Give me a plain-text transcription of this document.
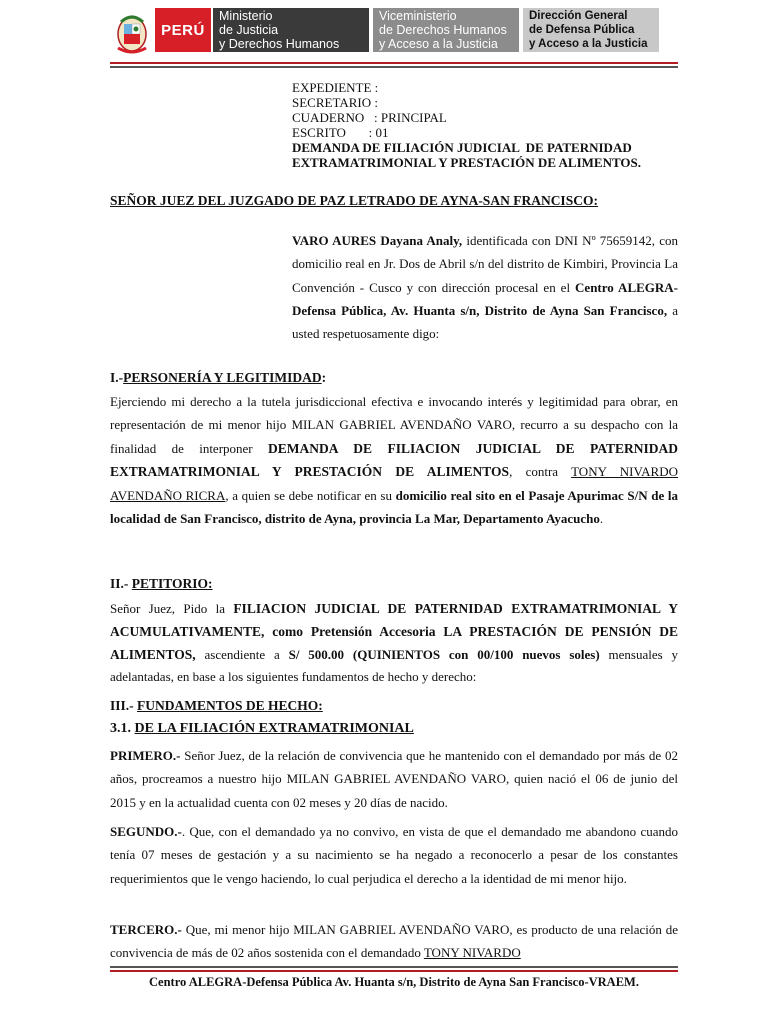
PERÚ
Ministerio
de Justicia
y Derechos Humanos
Viceministerio
de Derechos Humanos
y Acceso a la Justicia
Dirección General
de Defensa Pública
y Acceso a la Justicia
EXPEDIENTE :
SECRETARIO :
CUADERNO   : PRINCIPAL
ESCRITO       : 01
DEMANDA DE FILIACIÓN JUDICIAL  DE PATERNIDAD
EXTRAMATRIMONIAL Y PRESTACIÓN DE ALIMENTOS.
SEÑOR JUEZ DEL JUZGADO DE PAZ LETRADO DE AYNA-SAN FRANCISCO:
VARO AURES Dayana Analy, identificada con DNI Nº 75659142, con domicilio real en Jr. Dos de Abril s/n del distrito de Kimbiri, Provincia La Convención - Cusco y con dirección procesal en el Centro ALEGRA-Defensa Pública, Av. Huanta s/n, Distrito de Ayna San Francisco, a usted respetuosamente digo:
I.-PERSONERÍA Y LEGITIMIDAD:
Ejerciendo mi derecho a la tutela jurisdiccional efectiva e invocando interés y legitimidad para obrar, en representación de mi menor hijo MILAN GABRIEL AVENDAÑO VARO, recurro a su despacho con la finalidad de interponer DEMANDA DE FILIACION JUDICIAL DE PATERNIDAD EXTRAMATRIMONIAL Y PRESTACIÓN DE ALIMENTOS, contra TONY NIVARDO AVENDAÑO RICRA, a quien se debe notificar en su domicilio real sito en el Pasaje Apurimac S/N de la localidad de San Francisco, distrito de Ayna, provincia La Mar, Departamento Ayacucho.
II.- PETITORIO:
Señor Juez, Pido la FILIACION JUDICIAL DE PATERNIDAD EXTRAMATRIMONIAL Y ACUMULATIVAMENTE, como Pretensión Accesoria LA PRESTACIÓN DE PENSIÓN DE ALIMENTOS, ascendiente a S/ 500.00 (QUINIENTOS con 00/100 nuevos soles) mensuales y adelantadas, en base a los siguientes fundamentos de hecho y derecho:
III.- FUNDAMENTOS DE HECHO:
3.1. DE LA FILIACIÓN EXTRAMATRIMONIAL
PRIMERO.- Señor Juez, de la relación de convivencia que he mantenido con el demandado por más de 02 años, procreamos a nuestro hijo MILAN GABRIEL AVENDAÑO VARO, quien nació el 06 de junio del 2015 y en la actualidad cuenta con 02 meses y 20 días de nacido.
SEGUNDO.-. Que, con el demandado ya no convivo, en vista de que el demandado me abandono cuando tenía 07 meses de gestación y a su nacimiento se ha negado a reconocerlo a pesar de los constantes requerimientos que le vengo haciendo, lo cual perjudica el derecho a la identidad de mi menor hijo.
TERCERO.- Que, mi menor hijo MILAN GABRIEL AVENDAÑO VARO, es producto de una relación de convivencia de más de 02 años sostenida con el demandado TONY NIVARDO
Centro ALEGRA-Defensa Pública Av. Huanta s/n, Distrito de Ayna San Francisco-VRAEM.
